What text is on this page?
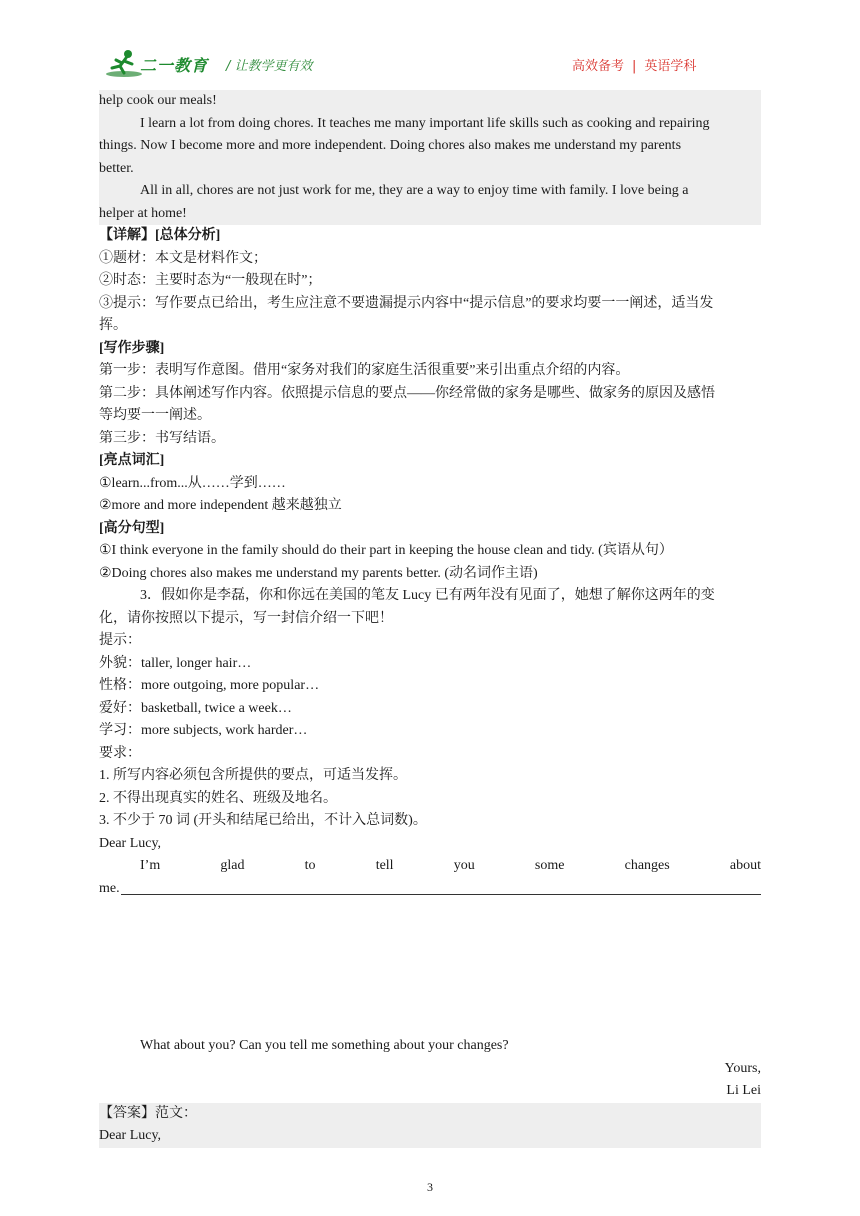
二一教育 / 让教学更有效	高效备考 | 英语学科
help cook our meals!
I learn a lot from doing chores. It teaches me many important life skills such as cooking and repairing
things. Now I become more and more independent. Doing chores also makes me understand my parents
better.
All in all, chores are not just work for me, they are a way to enjoy time with family. I love being a
helper at home!
【详解】[总体分析]
①题材：本文是材料作文；
②时态：主要时态为“一般现在时”；
③提示：写作要点已给出，考生应注意不要遗漏提示内容中“提示信息”的要求均要一一阐述，适当发
挥。
[写作步骤]
第一步：表明写作意图。借用“家务对我们的家庭生活很重要”来引出重点介绍的内容。
第二步：具体阐述写作内容。依照提示信息的要点——你经常做的家务是哪些、做家务的原因及感悟
等均要一一阐述。
第三步：书写结语。
[亮点词汇]
①learn...from...从……学到……
②more and more independent 越来越独立
[高分句型]
①I think everyone in the family should do their part in keeping the house clean and tidy. (宾语从句）
②Doing chores also makes me understand my parents better. (动名词作主语)
3．假如你是李磊，你和你远在美国的笔友 Lucy 已有两年没有见面了，她想了解你这两年的变
化，请你按照以下提示，写一封信介绍一下吧！
提示：
外貌：taller, longer hair…
性格：more outgoing, more popular…
爱好：basketball, twice a week…
学习：more subjects, work harder…
要求：
1. 所写内容必须包含所提供的要点，可适当发挥。
2. 不得出现真实的姓名、班级及地名。
3. 不少于 70 词 (开头和结尾已给出，不计入总词数)。
Dear Lucy,
I’m	glad	to	tell	you	some	changes	about
me.
What about you? Can you tell me something about your changes?
Yours,
Li Lei
【答案】范文：
Dear Lucy,
3
